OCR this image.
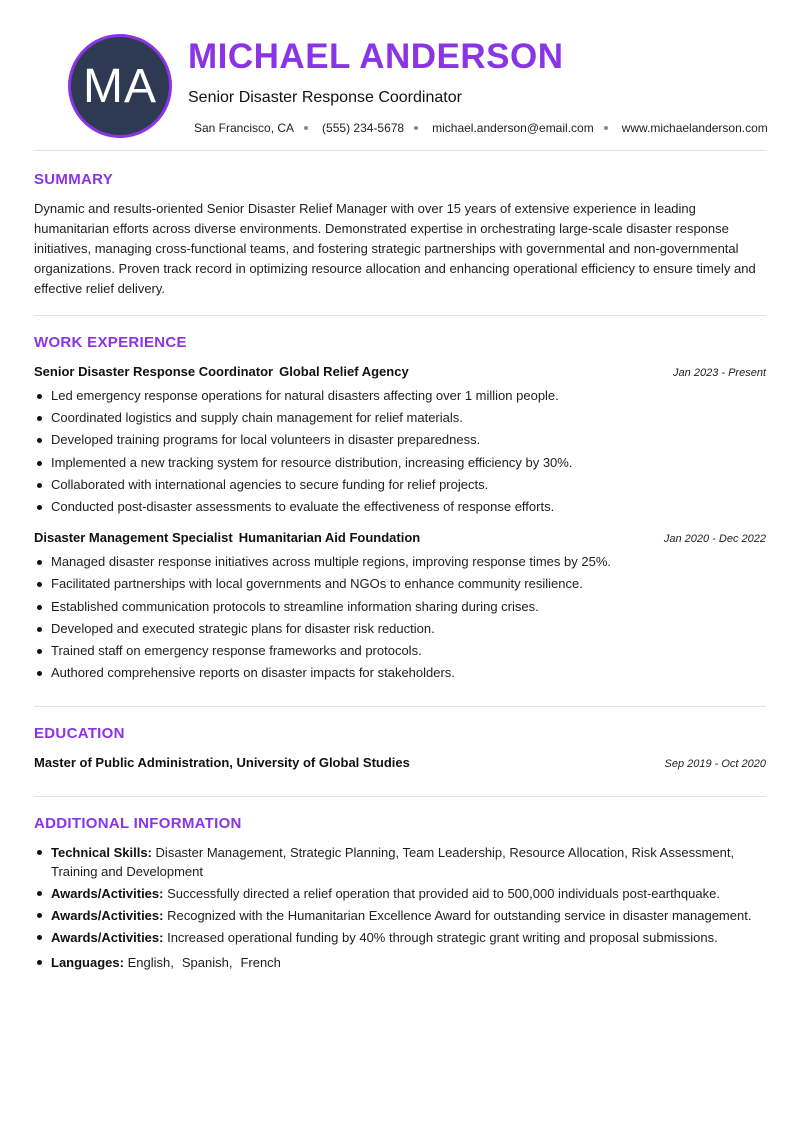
MA
MICHAEL ANDERSON
Senior Disaster Response Coordinator
San Francisco, CA (555) 234-5678 michael.anderson@email.com www.michaelanderson.com
SUMMARY
Dynamic and results-oriented Senior Disaster Relief Manager with over 15 years of extensive experience in leading humanitarian efforts across diverse environments. Demonstrated expertise in orchestrating large-scale disaster response initiatives, managing cross-functional teams, and fostering strategic partnerships with governmental and non-governmental organizations. Proven track record in optimizing resource allocation and enhancing operational efficiency to ensure timely and effective relief delivery.
WORK EXPERIENCE
Senior Disaster Response Coordinator Global Relief Agency	Jan 2023 - Present
Led emergency response operations for natural disasters affecting over 1 million people.
Coordinated logistics and supply chain management for relief materials.
Developed training programs for local volunteers in disaster preparedness.
Implemented a new tracking system for resource distribution, increasing efficiency by 30%.
Collaborated with international agencies to secure funding for relief projects.
Conducted post-disaster assessments to evaluate the effectiveness of response efforts.
Disaster Management Specialist Humanitarian Aid Foundation	Jan 2020 - Dec 2022
Managed disaster response initiatives across multiple regions, improving response times by 25%.
Facilitated partnerships with local governments and NGOs to enhance community resilience.
Established communication protocols to streamline information sharing during crises.
Developed and executed strategic plans for disaster risk reduction.
Trained staff on emergency response frameworks and protocols.
Authored comprehensive reports on disaster impacts for stakeholders.
EDUCATION
Master of Public Administration, University of Global Studies	Sep 2019 - Oct 2020
ADDITIONAL INFORMATION
Technical Skills: Disaster Management, Strategic Planning, Team Leadership, Resource Allocation, Risk Assessment, Training and Development
Awards/Activities: Successfully directed a relief operation that provided aid to 500,000 individuals post-earthquake.
Awards/Activities: Recognized with the Humanitarian Excellence Award for outstanding service in disaster management.
Awards/Activities: Increased operational funding by 40% through strategic grant writing and proposal submissions.
Languages: English, Spanish, French
